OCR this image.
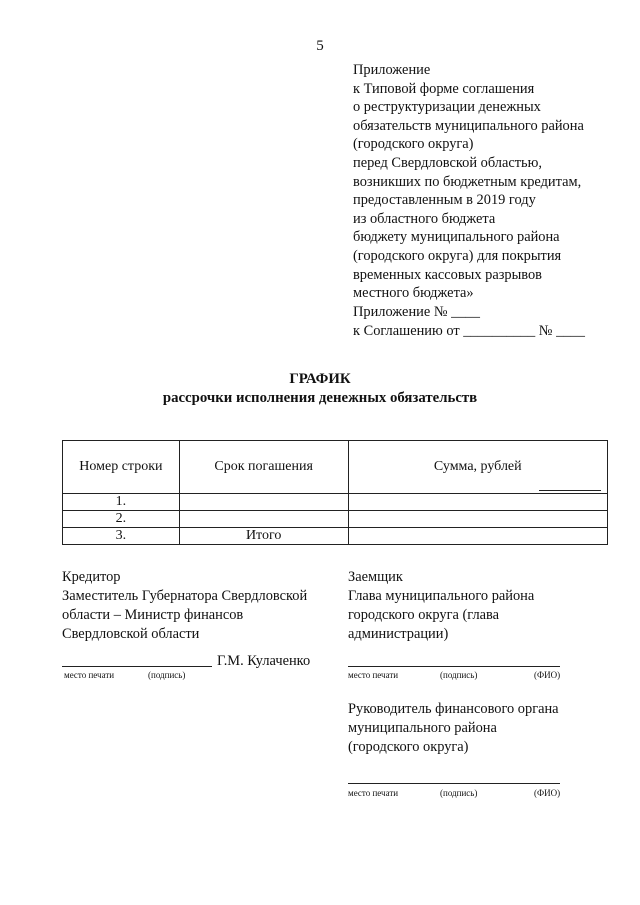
5
Приложение
к Типовой форме соглашения
о реструктуризации денежных
обязательств муниципального района
(городского округа)
перед Свердловской областью,
возникших по бюджетным кредитам,
предоставленным в 2019 году
из областного бюджета
бюджету муниципального района
(городского округа) для покрытия
временных кассовых разрывов
местного бюджета»
Приложение № ____
к Соглашению от __________ № ____
ГРАФИК
рассрочки исполнения денежных обязательств
Номер строки	Срок погашения	Сумма, рублей

1.		
2.		
3.	Итого	
Кредитор
Заместитель Губернатора Свердловской
области – Министр финансов
Свердловской области
Г.М. Кулаченко
место печати	(подпись)
Заемщик
Глава муниципального района
городского округа (глава
администрации)
место печати	(подпись)	(ФИО)
Руководитель финансового органа
муниципального района
(городского округа)
место печати	(подпись)	(ФИО)
